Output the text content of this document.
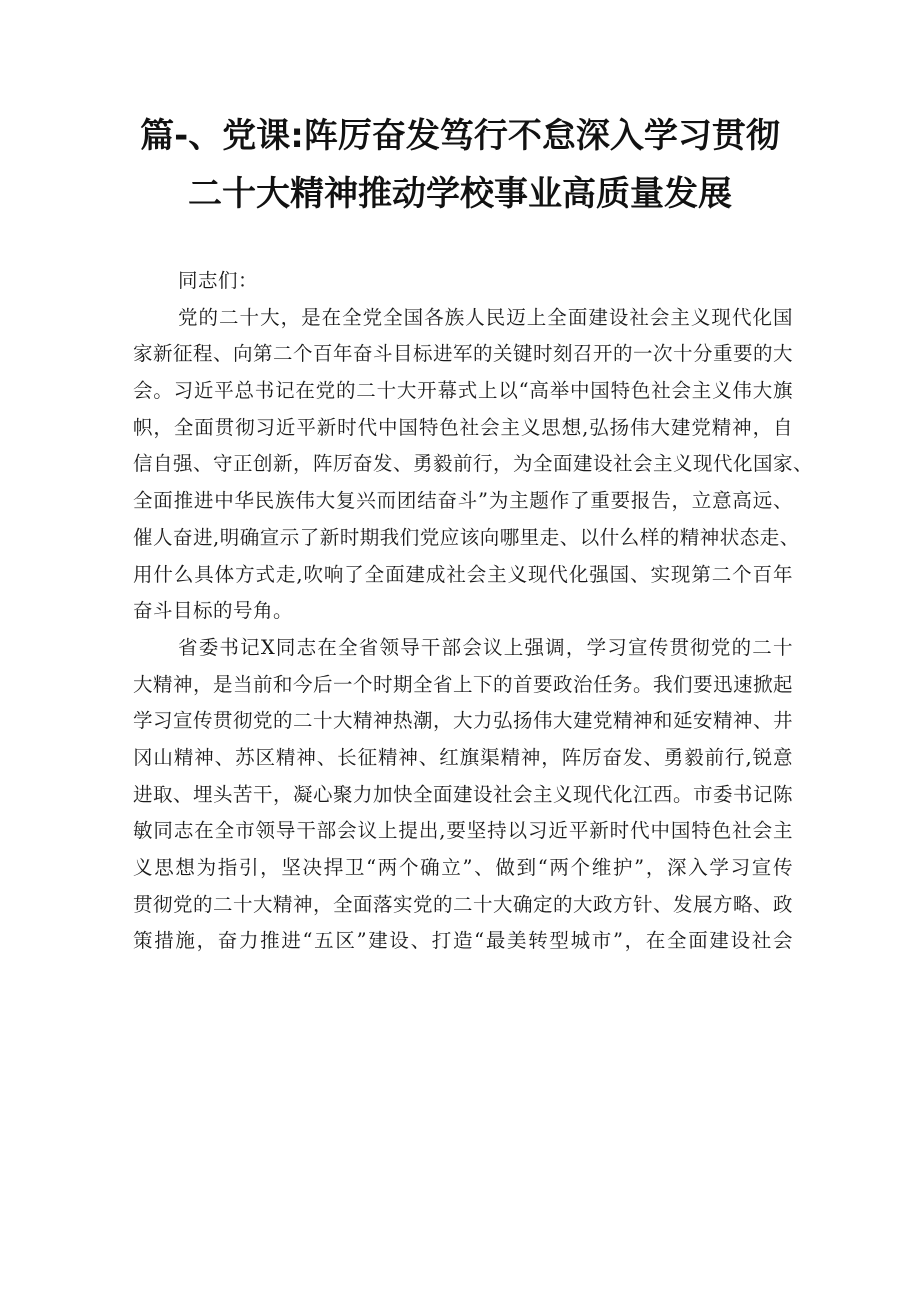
篇-、党课:阵厉奋发笃行不怠深入学习贯彻
二十大精神推动学校事业高质量发展
同志们：
党的二十大，是在全党全国各族人民迈上全面建设社会主义现代化国
家新征程、向第二个百年奋斗目标进军的关键时刻召开的一次十分重要的大
会。习近平总书记在党的二十大开幕式上以“高举中国特色社会主义伟大旗
帜，全面贯彻习近平新时代中国特色社会主义思想,弘扬伟大建党精神，自
信自强、守正创新，阵厉奋发、勇毅前行，为全面建设社会主义现代化国家、
全面推进中华民族伟大复兴而团结奋斗”为主题作了重要报告，立意高远、
催人奋进,明确宣示了新时期我们党应该向哪里走、以什么样的精神状态走、
用什么具体方式走,吹响了全面建成社会主义现代化强国、实现第二个百年
奋斗目标的号角。
省委书记X同志在全省领导干部会议上强调，学习宣传贯彻党的二十
大精神，是当前和今后一个时期全省上下的首要政治任务。我们要迅速掀起
学习宣传贯彻党的二十大精神热潮，大力弘扬伟大建党精神和延安精神、井
冈山精神、苏区精神、长征精神、红旗渠精神，阵厉奋发、勇毅前行,锐意
进取、埋头苦干，凝心聚力加快全面建设社会主义现代化江西。市委书记陈
敏同志在全市领导干部会议上提出,要坚持以习近平新时代中国特色社会主
义思想为指引，坚决捍卫“两个确立”、做到“两个维护”，深入学习宣传
贯彻党的二十大精神，全面落实党的二十大确定的大政方针、发展方略、政
策措施，奋力推进“五区”建设、打造“最美转型城市”，在全面建设社会
